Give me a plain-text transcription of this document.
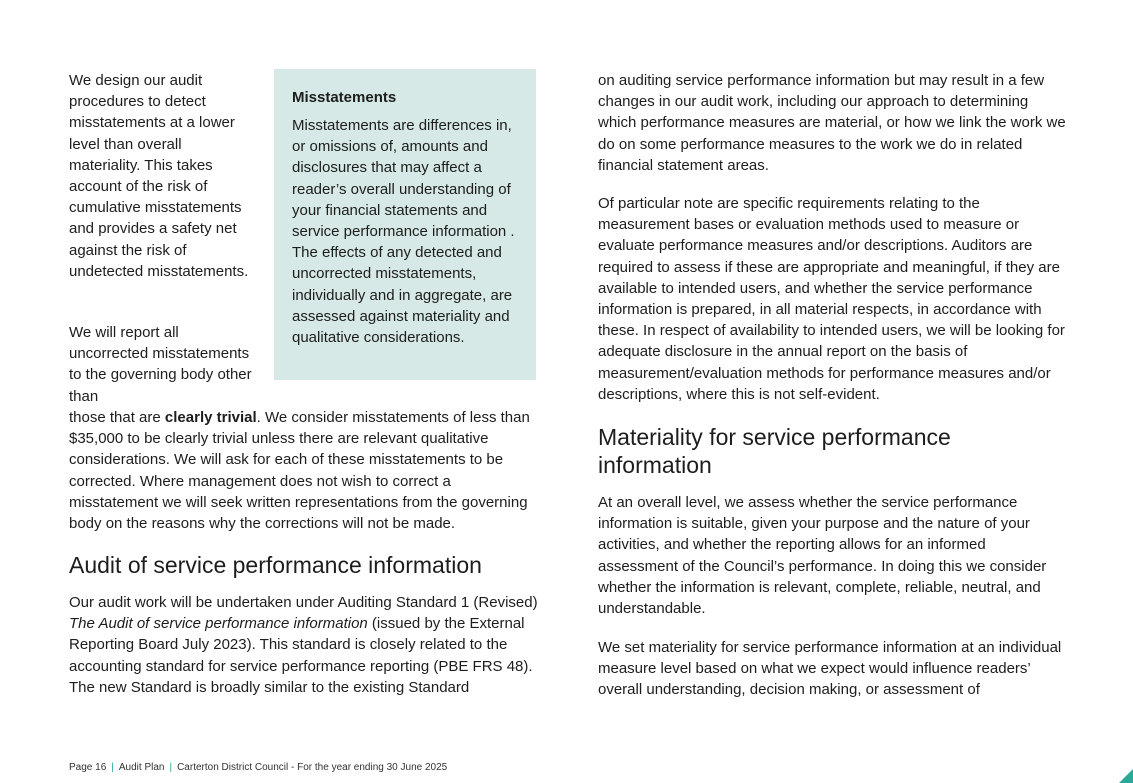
We design our audit procedures to detect misstatements at a lower level than overall materiality. This takes account of the risk of cumulative misstatements and provides a safety net against the risk of undetected misstatements.

Misstatements

Misstatements are differences in, or omissions of, amounts and disclosures that may affect a reader’s overall understanding of your financial statements and service performance information . The effects of any detected and uncorrected misstatements, individually and in aggregate, are assessed against materiality and qualitative considerations.

We will report all uncorrected misstatements to the governing body other than

those that are clearly trivial. We consider misstatements of less than $35,000 to be clearly trivial unless there are relevant qualitative considerations. We will ask for each of these misstatements to be corrected. Where management does not wish to correct a misstatement we will seek written representations from the governing body on the reasons why the corrections will not be made.

Audit of service performance information

Our audit work will be undertaken under Auditing Standard 1 (Revised) The Audit of service performance information (issued by the External Reporting Board July 2023). This standard is closely related to the accounting standard for service performance reporting (PBE FRS 48). The new Standard is broadly similar to the existing Standard

on auditing service performance information but may result in a few changes in our audit work, including our approach to determining which performance measures are material, or how we link the work we do on some performance measures to the work we do in related financial statement areas.

Of particular note are specific requirements relating to the measurement bases or evaluation methods used to measure or evaluate performance measures and/or descriptions. Auditors are required to assess if these are appropriate and meaningful, if they are available to intended users, and whether the service performance information is prepared, in all material respects, in accordance with these. In respect of availability to intended users, we will be looking for adequate disclosure in the annual report on the basis of measurement/evaluation methods for performance measures and/or descriptions, where this is not self-evident.

Materiality for service performance information

At an overall level, we assess whether the service performance information is suitable, given your purpose and the nature of your activities, and whether the reporting allows for an informed assessment of the Council’s performance. In doing this we consider whether the information is relevant, complete, reliable, neutral, and understandable.

We set materiality for service performance information at an individual measure level based on what we expect would influence readers’ overall understanding, decision making, or assessment of

Page 16 | Audit Plan | Carterton District Council - For the year ending 30 June 2025
